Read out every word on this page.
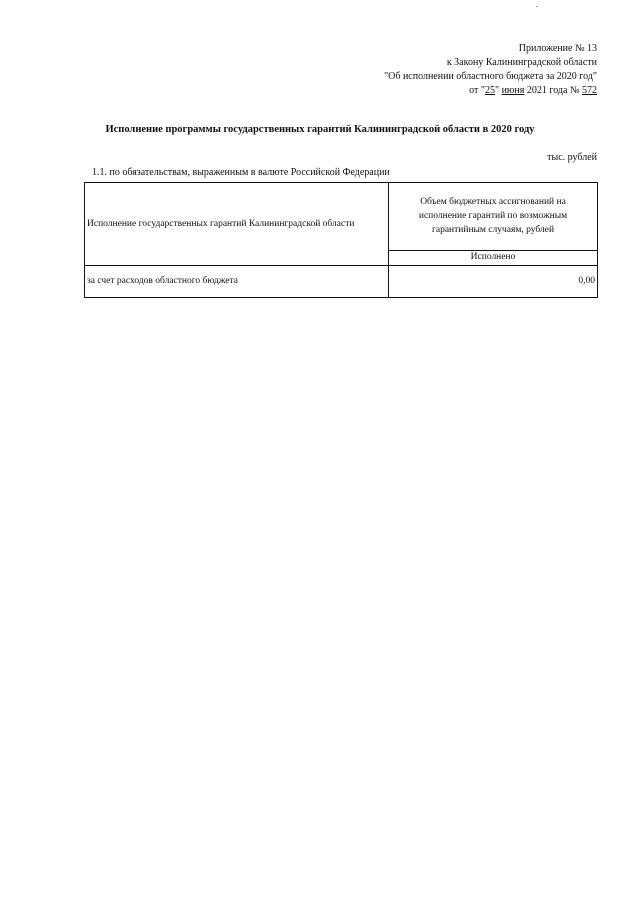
Приложение № 13
к Закону Калининградской области
"Об исполнении областного бюджета за 2020 год"
от "25" июня 2021 года № 572
Исполнение программы государственных гарантий Калининградской области в 2020 году
тыс. рублей
1.1. по обязательствам, выраженным в валюте Российской Федерации
Исполнение государственных гарантий Калининградской области
Объем бюджетных ассигнований на
исполнение гарантий по возможным
гарантийным случаям, рублей
Исполнено
за счет расходов областного бюджета	0,00
